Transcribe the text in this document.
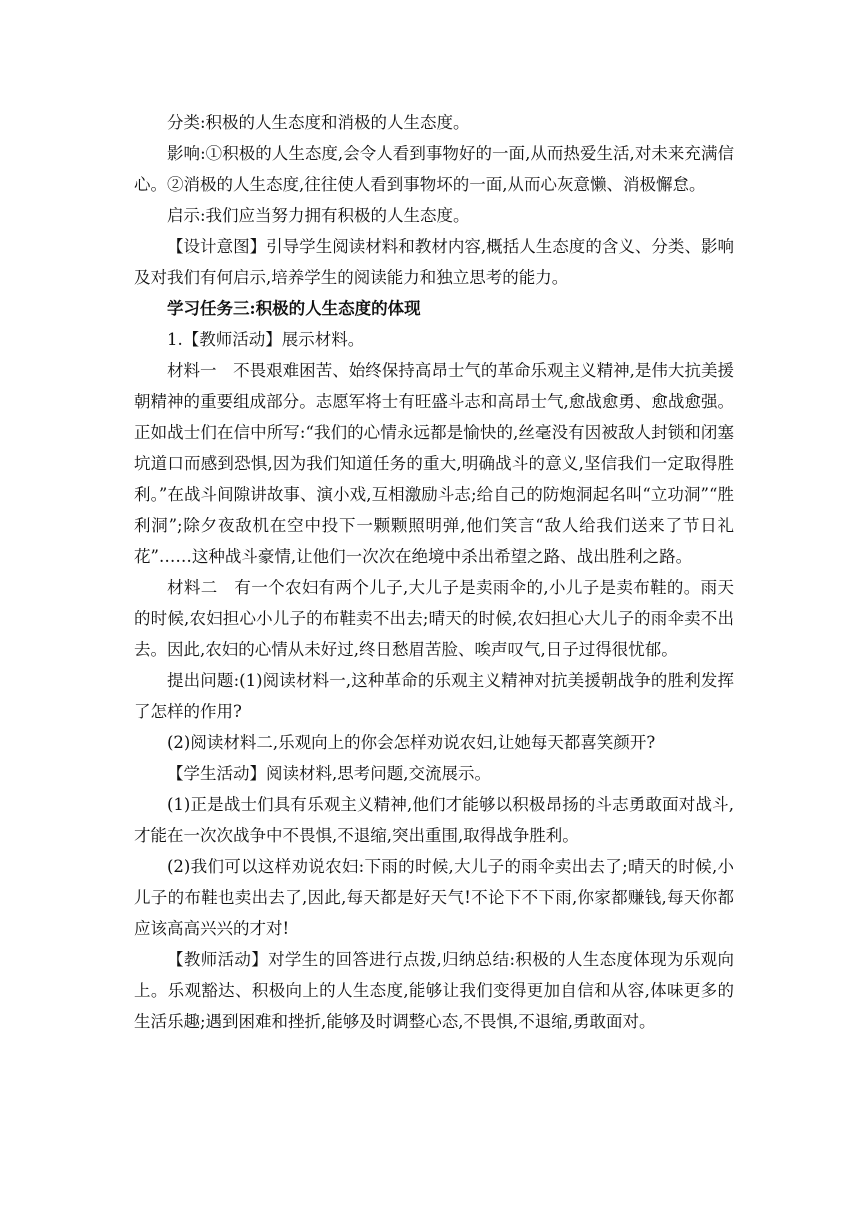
分类:积极的人生态度和消极的人生态度。

影响:①积极的人生态度,会令人看到事物好的一面,从而热爱生活,对未来充满信心。②消极的人生态度,往往使人看到事物坏的一面,从而心灰意懒、消极懈怠。

启示:我们应当努力拥有积极的人生态度。

【设计意图】引导学生阅读材料和教材内容,概括人生态度的含义、分类、影响及对我们有何启示,培养学生的阅读能力和独立思考的能力。

学习任务三:积极的人生态度的体现

1.【教师活动】展示材料。

材料一　不畏艰难困苦、始终保持高昂士气的革命乐观主义精神,是伟大抗美援朝精神的重要组成部分。志愿军将士有旺盛斗志和高昂士气,愈战愈勇、愈战愈强。正如战士们在信中所写:“我们的心情永远都是愉快的,丝毫没有因被敌人封锁和闭塞坑道口而感到恐惧,因为我们知道任务的重大,明确战斗的意义,坚信我们一定取得胜利。”在战斗间隙讲故事、演小戏,互相激励斗志;给自己的防炮洞起名叫“立功洞”“胜利洞”;除夕夜敌机在空中投下一颗颗照明弹,他们笑言“敌人给我们送来了节日礼花”……这种战斗豪情,让他们一次次在绝境中杀出希望之路、战出胜利之路。

材料二　有一个农妇有两个儿子,大儿子是卖雨伞的,小儿子是卖布鞋的。雨天的时候,农妇担心小儿子的布鞋卖不出去;晴天的时候,农妇担心大儿子的雨伞卖不出去。因此,农妇的心情从未好过,终日愁眉苦脸、唉声叹气,日子过得很忧郁。

提出问题:(1)阅读材料一,这种革命的乐观主义精神对抗美援朝战争的胜利发挥了怎样的作用?

(2)阅读材料二,乐观向上的你会怎样劝说农妇,让她每天都喜笑颜开?

【学生活动】阅读材料,思考问题,交流展示。

(1)正是战士们具有乐观主义精神,他们才能够以积极昂扬的斗志勇敢面对战斗,才能在一次次战争中不畏惧,不退缩,突出重围,取得战争胜利。

(2)我们可以这样劝说农妇:下雨的时候,大儿子的雨伞卖出去了;晴天的时候,小儿子的布鞋也卖出去了,因此,每天都是好天气!不论下不下雨,你家都赚钱,每天你都应该高高兴兴的才对!

【教师活动】对学生的回答进行点拨,归纳总结:积极的人生态度体现为乐观向上。乐观豁达、积极向上的人生态度,能够让我们变得更加自信和从容,体味更多的生活乐趣;遇到困难和挫折,能够及时调整心态,不畏惧,不退缩,勇敢面对。
